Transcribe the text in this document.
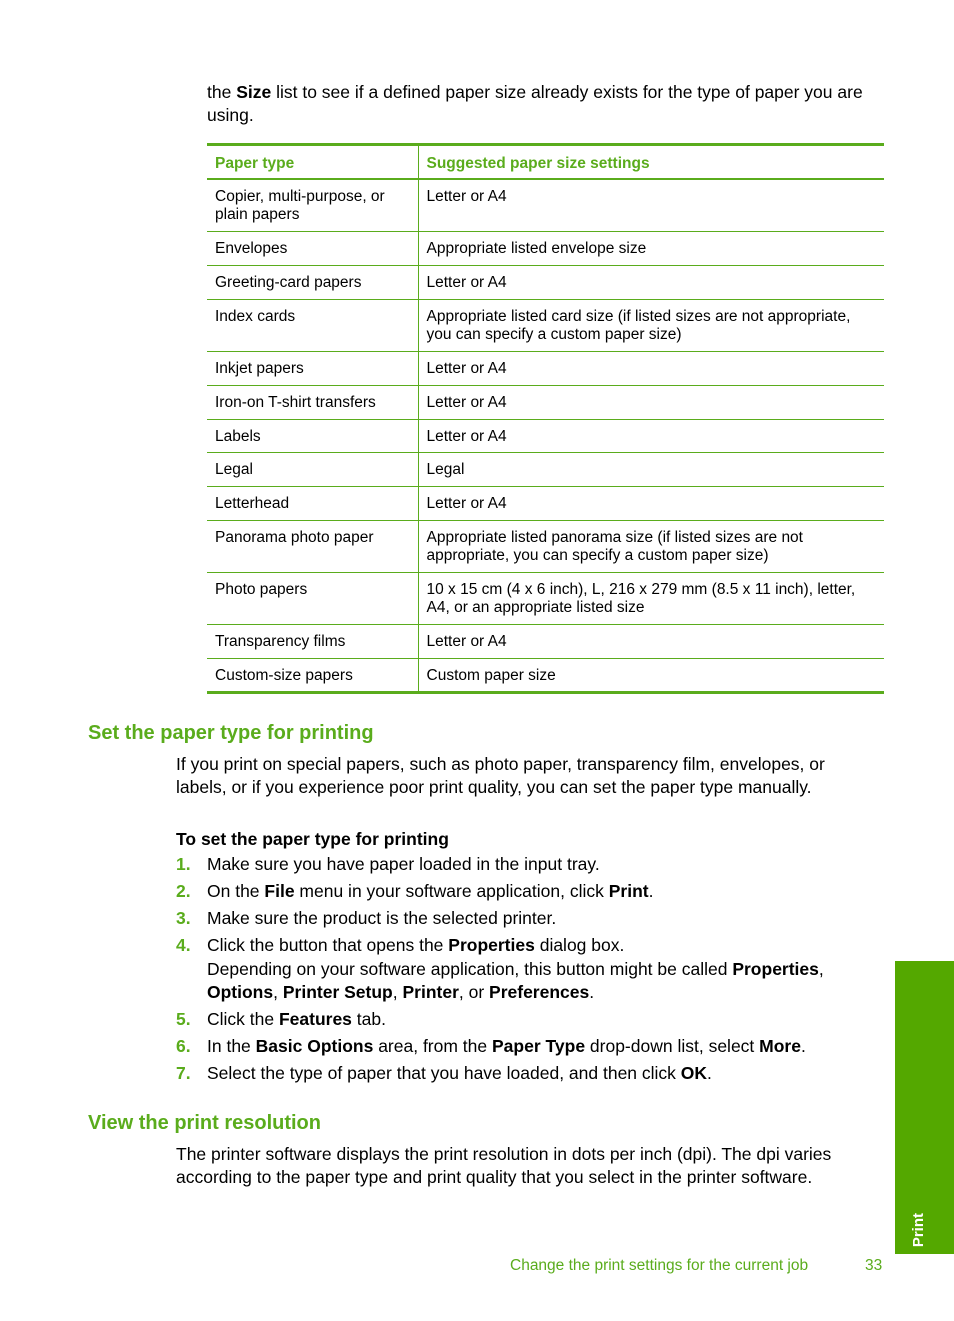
the Size list to see if a defined paper size already exists for the type of paper you are using.

Paper type	Suggested paper size settings
Copier, multi-purpose, or plain papers	Letter or A4
Envelopes	Appropriate listed envelope size
Greeting-card papers	Letter or A4
Index cards	Appropriate listed card size (if listed sizes are not appropriate, you can specify a custom paper size)
Inkjet papers	Letter or A4
Iron-on T-shirt transfers	Letter or A4
Labels	Letter or A4
Legal	Legal
Letterhead	Letter or A4
Panorama photo paper	Appropriate listed panorama size (if listed sizes are not appropriate, you can specify a custom paper size)
Photo papers	10 x 15 cm (4 x 6 inch), L, 216 x 279 mm (8.5 x 11 inch), letter, A4, or an appropriate listed size
Transparency films	Letter or A4
Custom-size papers	Custom paper size
Set the paper type for printing

If you print on special papers, such as photo paper, transparency film, envelopes, or labels, or if you experience poor print quality, you can set the paper type manually.

To set the paper type for printing

1. Make sure you have paper loaded in the input tray.
2. On the File menu in your software application, click Print.
3. Make sure the product is the selected printer.
4. Click the button that opens the Properties dialog box.
Depending on your software application, this button might be called Properties, Options, Printer Setup, Printer, or Preferences.
5. Click the Features tab.
6. In the Basic Options area, from the Paper Type drop-down list, select More.
7. Select the type of paper that you have loaded, and then click OK.
View the print resolution

The printer software displays the print resolution in dots per inch (dpi). The dpi varies according to the paper type and print quality that you select in the printer software.

Print
Change the print settings for the current job	33
